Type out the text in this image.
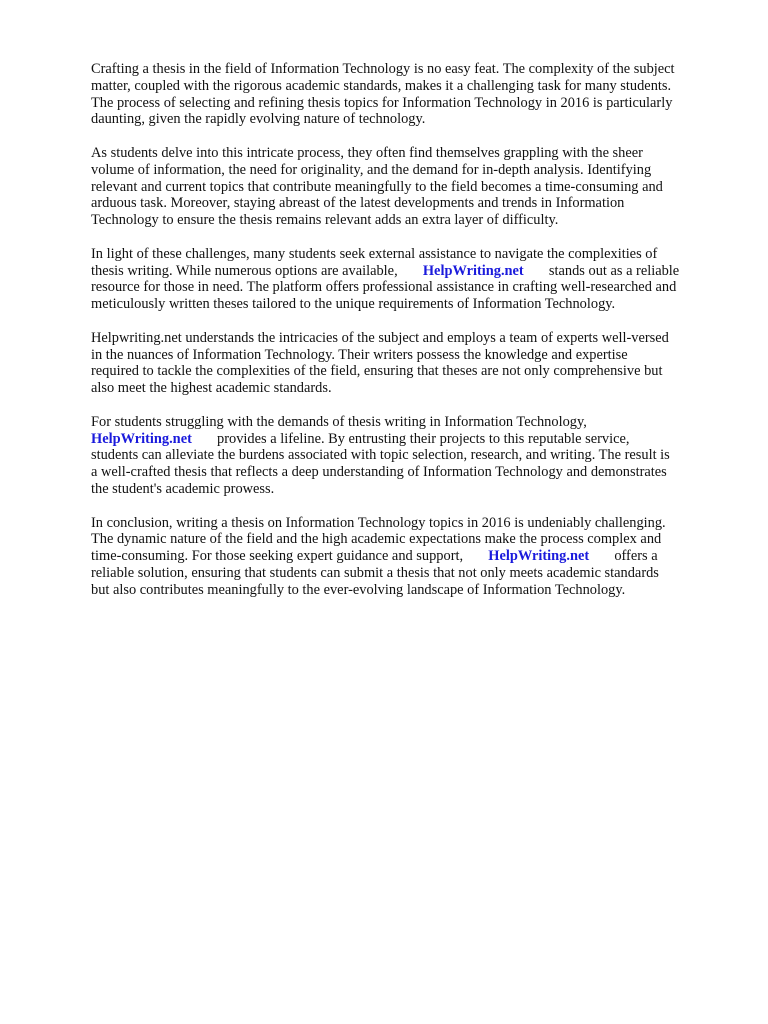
Crafting a thesis in the field of Information Technology is no easy feat. The complexity of the subject
matter, coupled with the rigorous academic standards, makes it a challenging task for many students.
The process of selecting and refining thesis topics for Information Technology in 2016 is particularly
daunting, given the rapidly evolving nature of technology.

As students delve into this intricate process, they often find themselves grappling with the sheer
volume of information, the need for originality, and the demand for in-depth analysis. Identifying
relevant and current topics that contribute meaningfully to the field becomes a time-consuming and
arduous task. Moreover, staying abreast of the latest developments and trends in Information
Technology to ensure the thesis remains relevant adds an extra layer of difficulty.

In light of these challenges, many students seek external assistance to navigate the complexities of
thesis writing. While numerous options are available,       HelpWriting.net       stands out as a reliable
resource for those in need. The platform offers professional assistance in crafting well-researched and
meticulously written theses tailored to the unique requirements of Information Technology.

Helpwriting.net understands the intricacies of the subject and employs a team of experts well-versed
in the nuances of Information Technology. Their writers possess the knowledge and expertise
required to tackle the complexities of the field, ensuring that theses are not only comprehensive but
also meet the highest academic standards.

For students struggling with the demands of thesis writing in Information Technology,
HelpWriting.net       provides a lifeline. By entrusting their projects to this reputable service,
students can alleviate the burdens associated with topic selection, research, and writing. The result is
a well-crafted thesis that reflects a deep understanding of Information Technology and demonstrates
the student's academic prowess.

In conclusion, writing a thesis on Information Technology topics in 2016 is undeniably challenging.
The dynamic nature of the field and the high academic expectations make the process complex and
time-consuming. For those seeking expert guidance and support,       HelpWriting.net       offers a
reliable solution, ensuring that students can submit a thesis that not only meets academic standards
but also contributes meaningfully to the ever-evolving landscape of Information Technology.
